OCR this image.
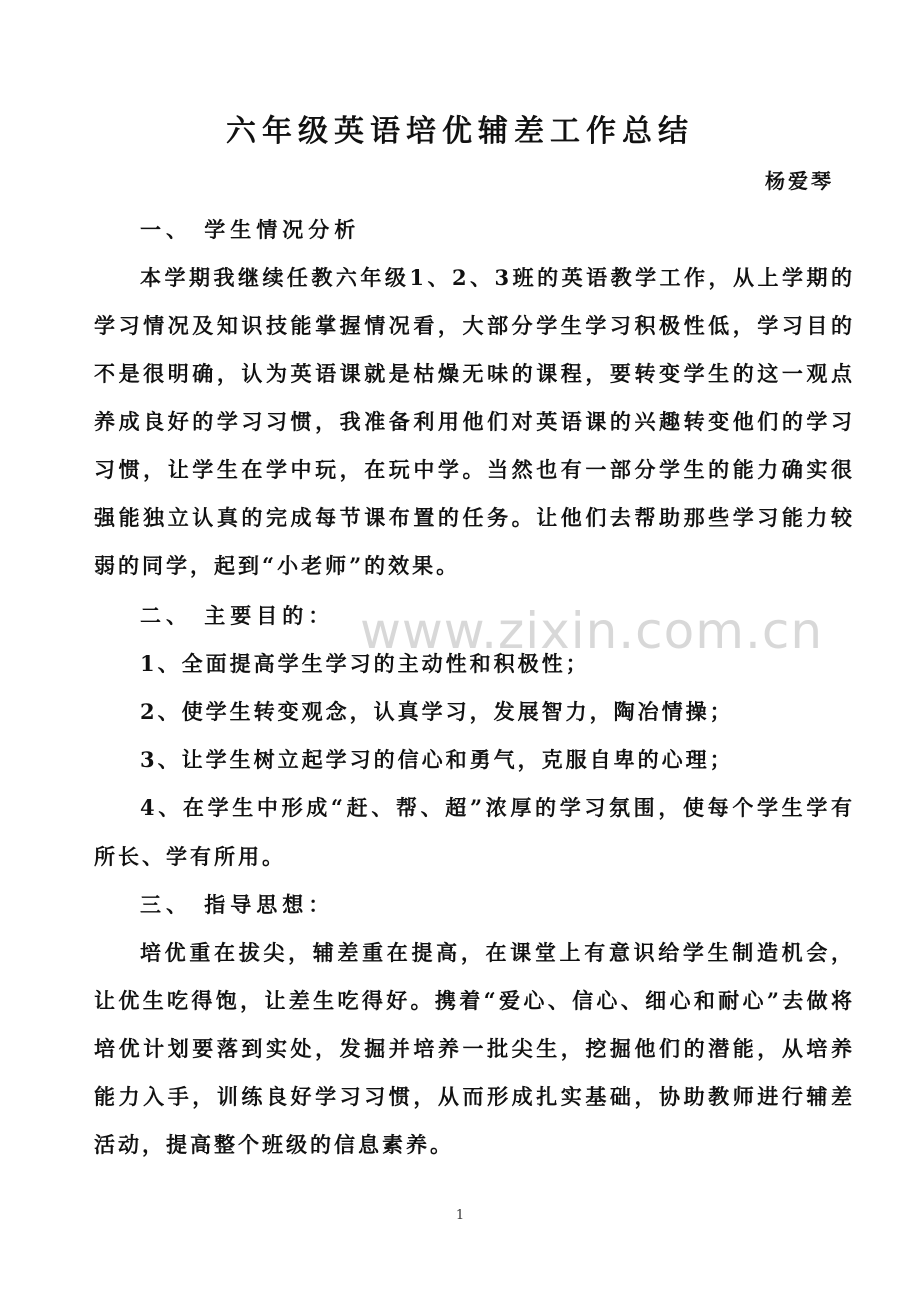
六年级英语培优辅差工作总结
杨爱琴
一、 学生情况分析
本学期我继续任教六年级1、2、3班的英语教学工作，从上学期的
学习情况及知识技能掌握情况看，大部分学生学习积极性低，学习目的
不是很明确，认为英语课就是枯燥无味的课程，要转变学生的这一观点
养成良好的学习习惯，我准备利用他们对英语课的兴趣转变他们的学习
习惯，让学生在学中玩，在玩中学。当然也有一部分学生的能力确实很
强能独立认真的完成每节课布置的任务。让他们去帮助那些学习能力较
弱的同学，起到“小老师”的效果。
二、 主要目的：
1、全面提高学生学习的主动性和积极性；
2、使学生转变观念，认真学习，发展智力，陶冶情操；
3、让学生树立起学习的信心和勇气，克服自卑的心理；
4、在学生中形成“赶、帮、超”浓厚的学习氛围，使每个学生学有
所长、学有所用。
三、 指导思想：
培优重在拔尖，辅差重在提高，在课堂上有意识给学生制造机会，
让优生吃得饱，让差生吃得好。携着“爱心、信心、细心和耐心”去做将
培优计划要落到实处，发掘并培养一批尖生，挖掘他们的潜能，从培养
能力入手，训练良好学习习惯，从而形成扎实基础，协助教师进行辅差
活动，提高整个班级的信息素养。
www.zixin.com.cn
1
